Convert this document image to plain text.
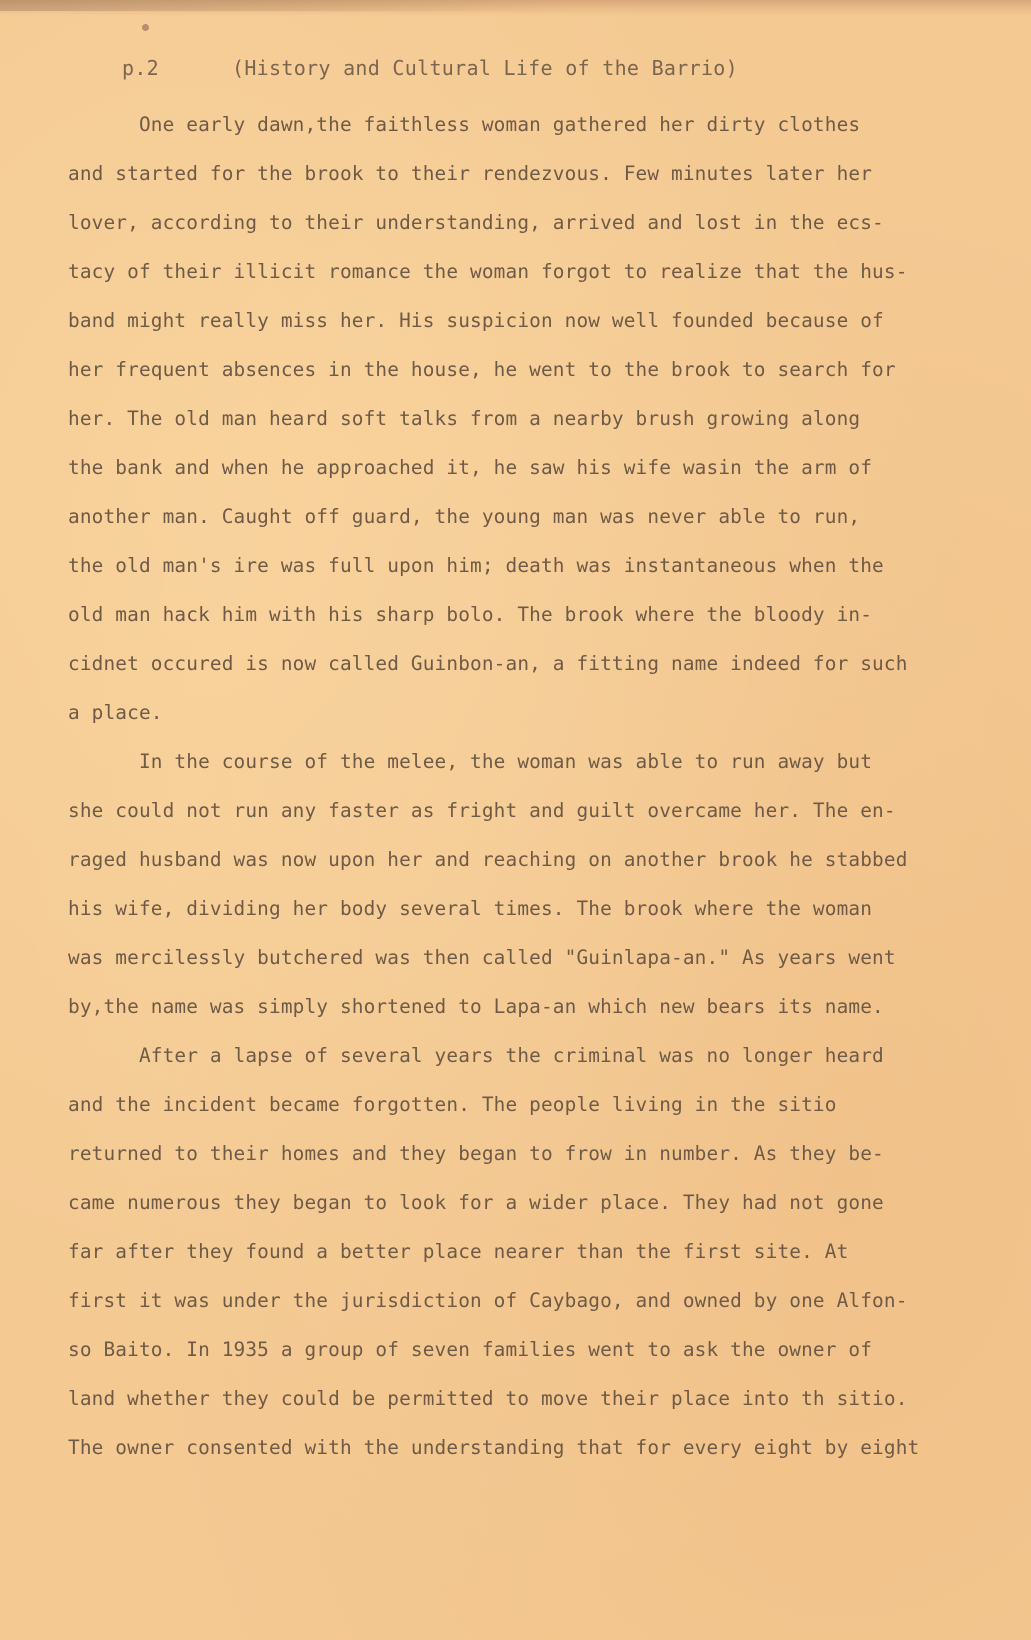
p.2	(History and Cultural Life of the Barrio)
One early dawn,the faithless woman gathered her dirty clothes
and started for the brook to their rendezvous. Few minutes later her
lover, according to their understanding, arrived and lost in the ecs-
tacy of their illicit romance the woman forgot to realize that the hus-
band might really miss her. His suspicion now well founded because of
her frequent absences in the house, he went to the brook to search for
her. The old man heard soft talks from a nearby brush growing along
the bank and when he approached it, he saw his wife wasin the arm of
another man. Caught off guard, the young man was never able to run,
the old man's ire was full upon him; death was instantaneous when the
old man hack him with his sharp bolo. The brook where the bloody in-
cidnet occured is now called Guinbon-an, a fitting name indeed for such
a place.
In the course of the melee, the woman was able to run away but
she could not run any faster as fright and guilt overcame her. The en-
raged husband was now upon her and reaching on another brook he stabbed
his wife, dividing her body several times. The brook where the woman
was mercilessly butchered was then called "Guinlapa-an." As years went
by,the name was simply shortened to Lapa-an which new bears its name.
After a lapse of several years the criminal was no longer heard
and the incident became forgotten. The people living in the sitio
returned to their homes and they began to frow in number. As they be-
came numerous they began to look for a wider place. They had not gone
far after they found a better place nearer than the first site. At
first it was under the jurisdiction of Caybago, and owned by one Alfon-
so Baito. In 1935 a group of seven families went to ask the owner of
land whether they could be permitted to move their place into th sitio.
The owner consented with the understanding that for every eight by eight
